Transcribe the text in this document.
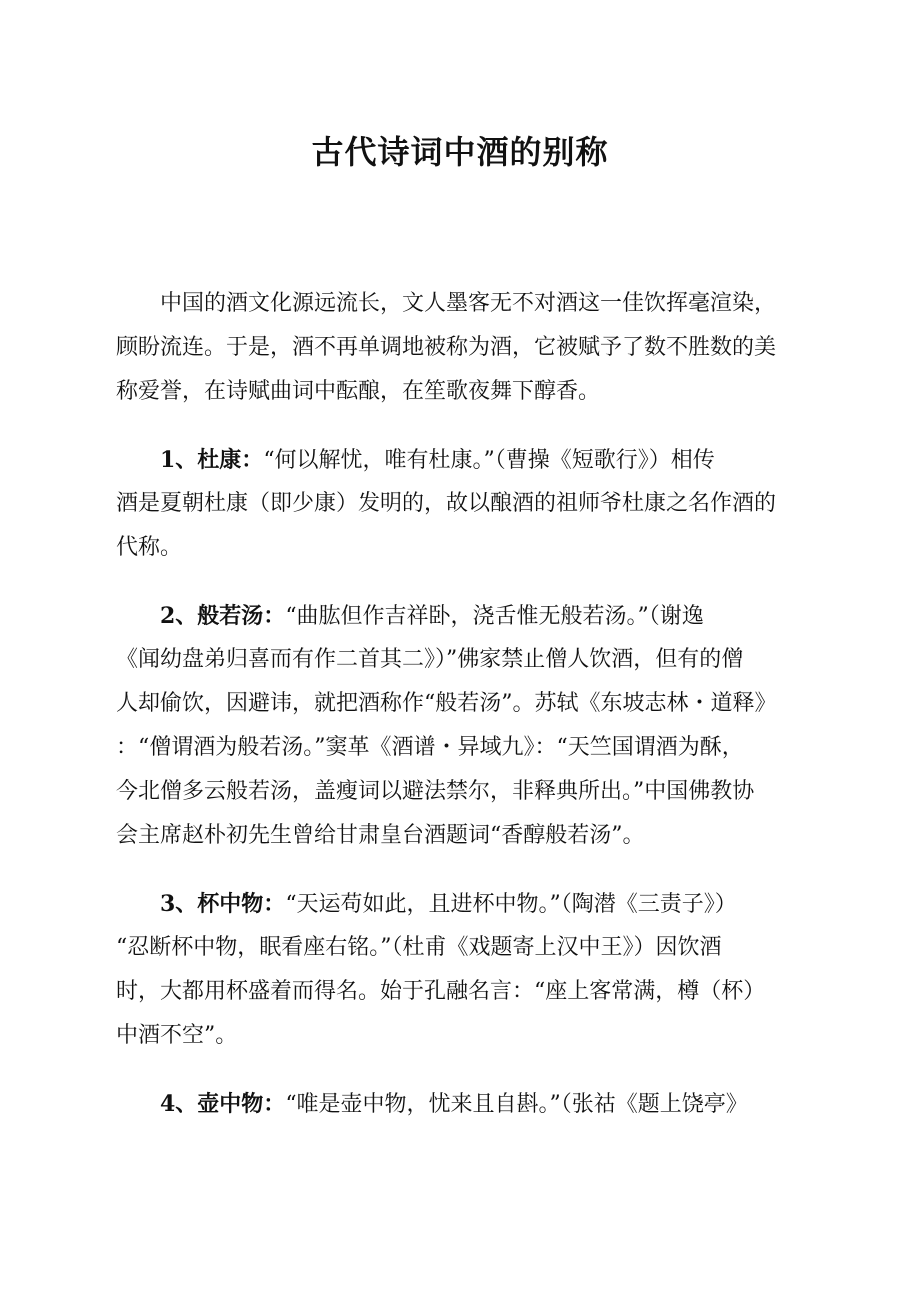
古代诗词中酒的别称
中国的酒文化源远流长，文人墨客无不对酒这一佳饮挥毫渲染，
顾盼流连。于是，酒不再单调地被称为酒，它被赋予了数不胜数的美
称爱誉，在诗赋曲词中酝酿，在笙歌夜舞下醇香。
1、杜康：“何以解忧，唯有杜康。”（曹操《短歌行》）相传
酒是夏朝杜康（即少康）发明的，故以酿酒的祖师爷杜康之名作酒的
代称。
2、般若汤：“曲肱但作吉祥卧，浇舌惟无般若汤。”（谢逸
《闻幼盘弟归喜而有作二首其二》）”佛家禁止僧人饮酒，但有的僧
人却偷饮，因避讳，就把酒称作“般若汤”。苏轼《东坡志林・道释》
：“僧谓酒为般若汤。”窦革《酒谱・异域九》：“天竺国谓酒为酥，
今北僧多云般若汤，盖瘦词以避法禁尔，非释典所出。”中国佛教协
会主席赵朴初先生曾给甘肃皇台酒题词“香醇般若汤”。
3、杯中物：“天运苟如此，且进杯中物。”（陶潜《三责子》）
“忍断杯中物，眠看座右铭。”（杜甫《戏题寄上汉中王》）因饮酒
时，大都用杯盛着而得名。始于孔融名言：“座上客常满，樽（杯）
中酒不空”。
4、壶中物：“唯是壶中物，忧来且自斟。”（张祜《题上饶亭》
